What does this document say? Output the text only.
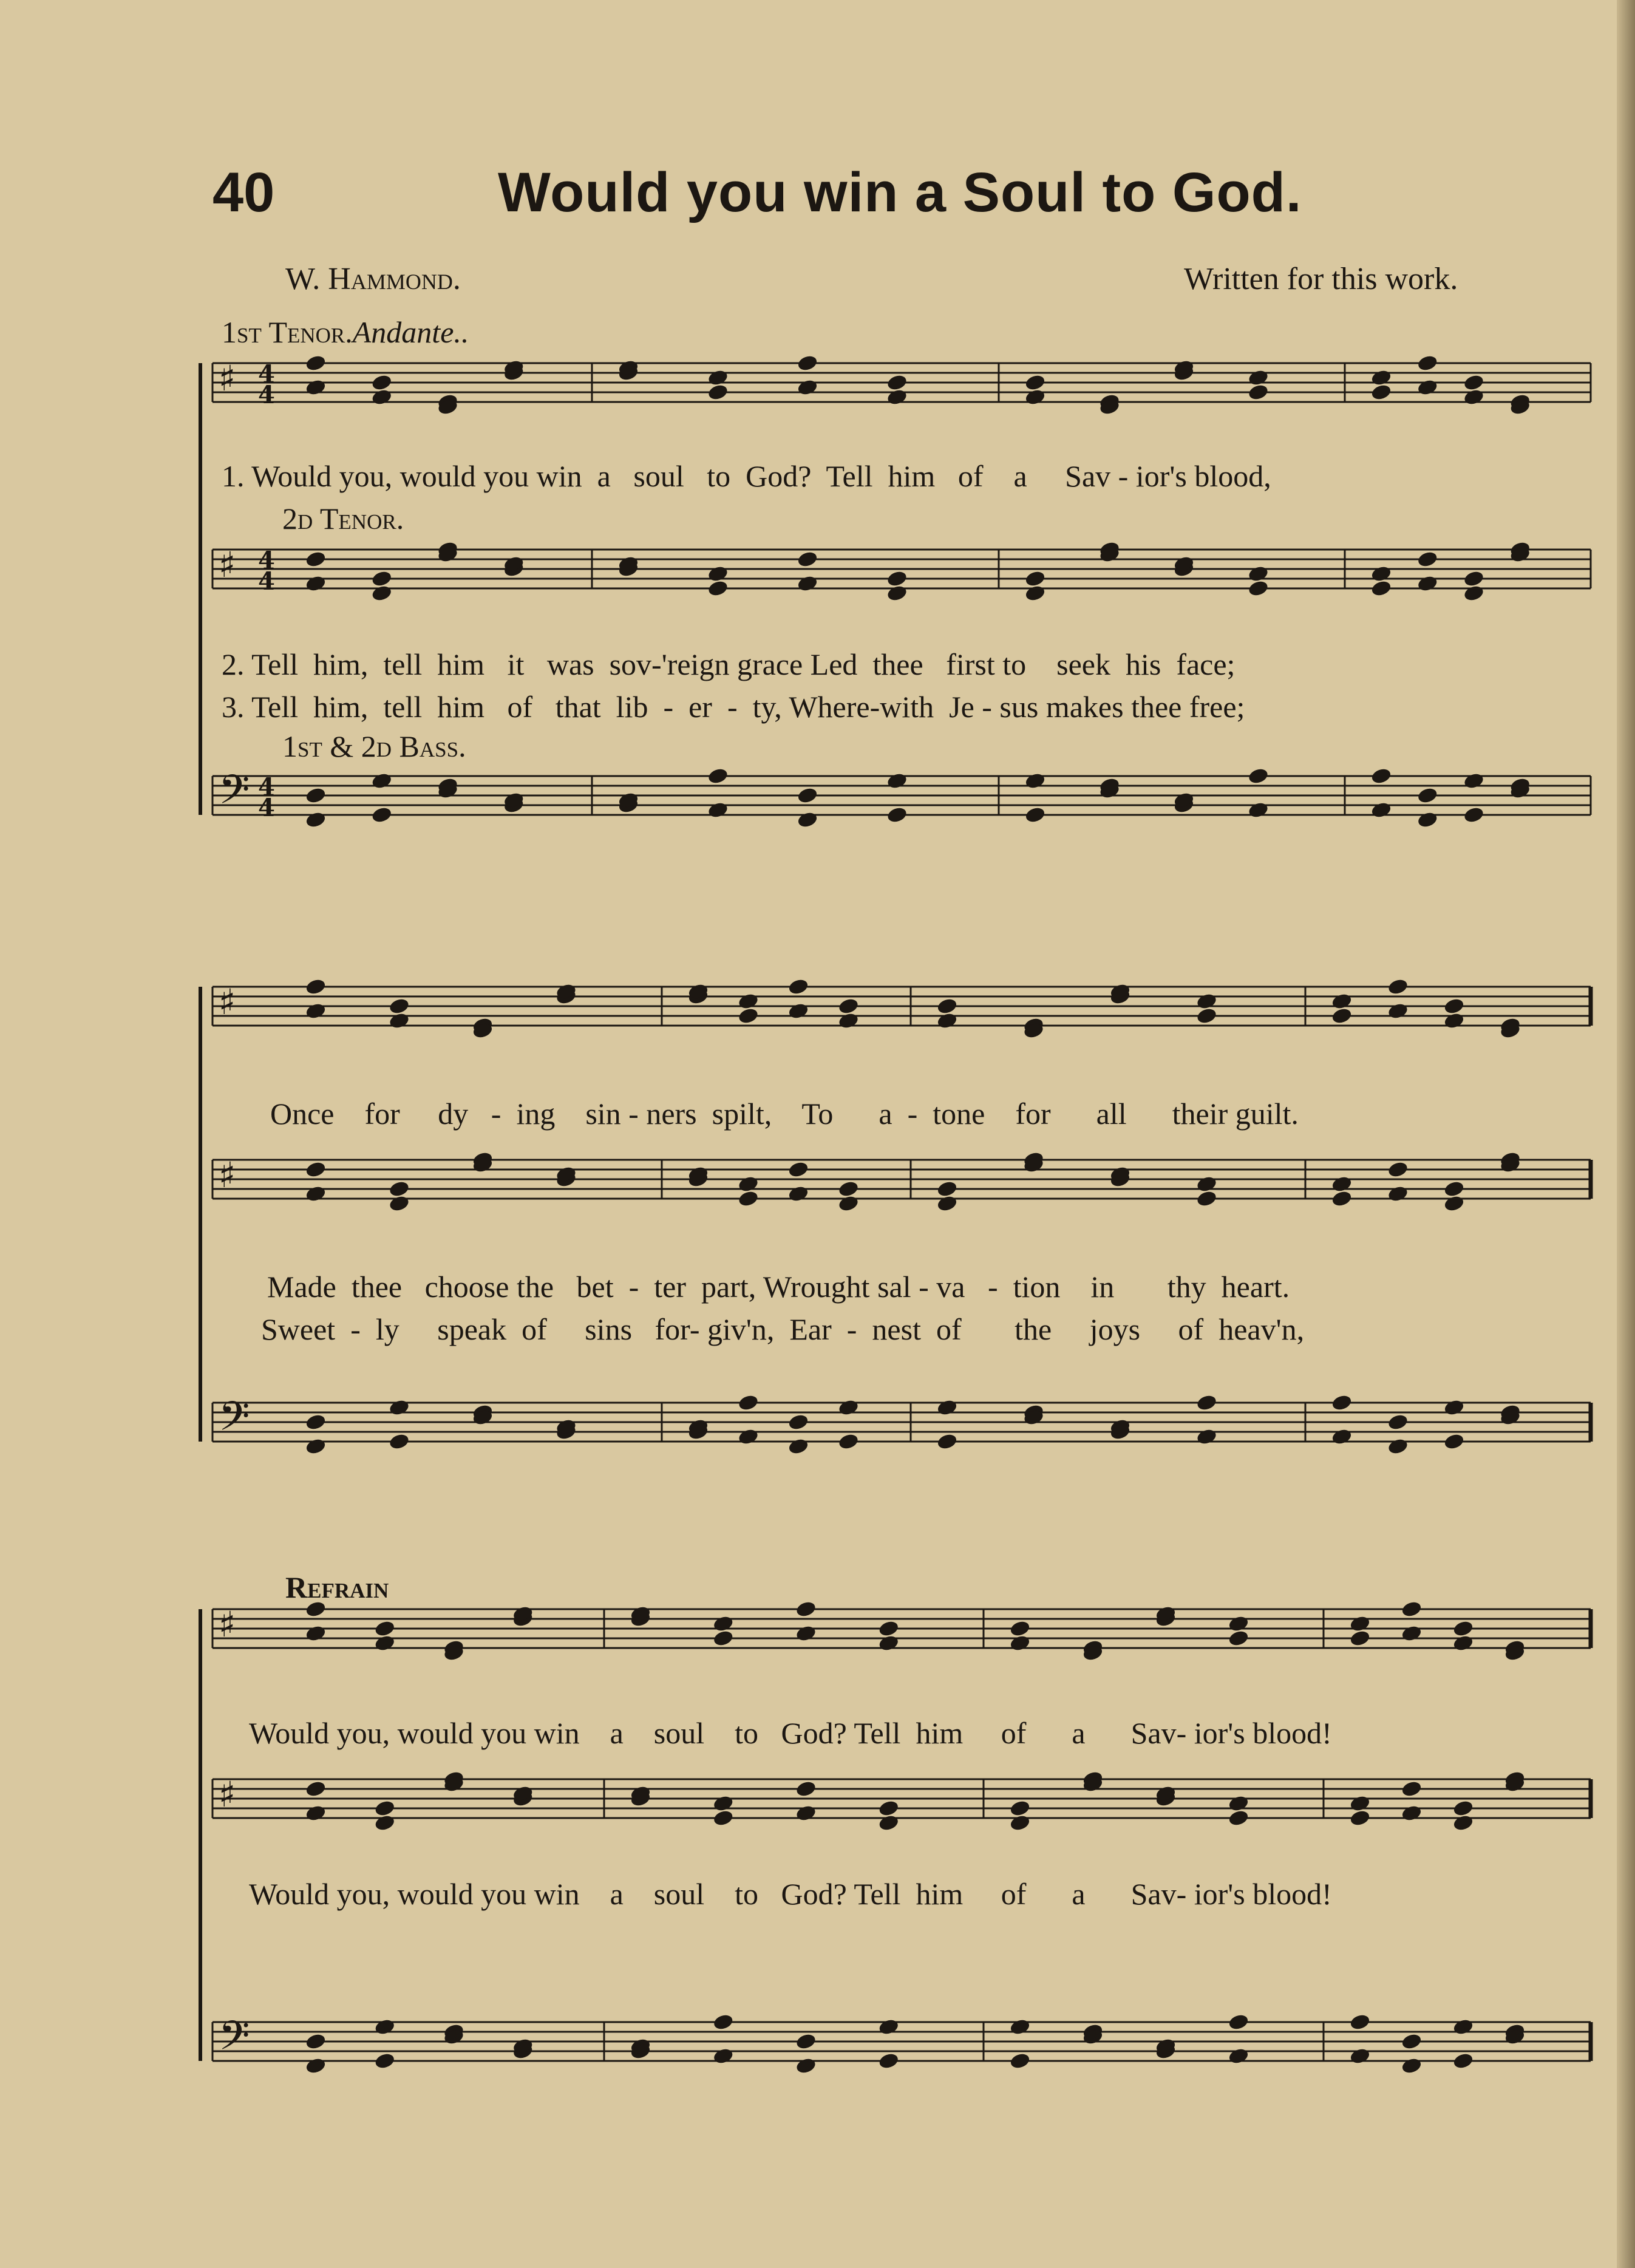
40	Would you win a Soul to God.
W. Hammond.	Written for this work.
1st Tenor.Andante..
2d Tenor.
1st & 2d Bass.
Refrain
1. Would you, would you win  a   soul   to  God?  Tell  him   of    a     Sav - ior's blood,
2. Tell  him,  tell  him   it   was  sov-'reign grace Led  thee   first to    seek  his  face;
3. Tell  him,  tell  him   of   that  lib  -  er  -  ty, Where-with  Je - sus makes thee free;
Once    for     dy   -  ing    sin - ners  spilt,    To      a  -  tone    for      all      their guilt.
Made  thee   choose the   bet  -  ter  part, Wrought sal - va   -  tion    in       thy  heart.
Sweet  -  ly     speak  of     sins   for- giv'n,  Ear  -  nest  of       the     joys     of  heav'n,
Would you, would you win    a    soul    to   God? Tell  him     of      a      Sav- ior's blood!
Would you, would you win    a    soul    to   God? Tell  him     of      a      Sav- ior's blood!
♯ 4
4
♯ 4
4
𝄢 4
4
♯
♯
𝄢
♯
♯
𝄢
